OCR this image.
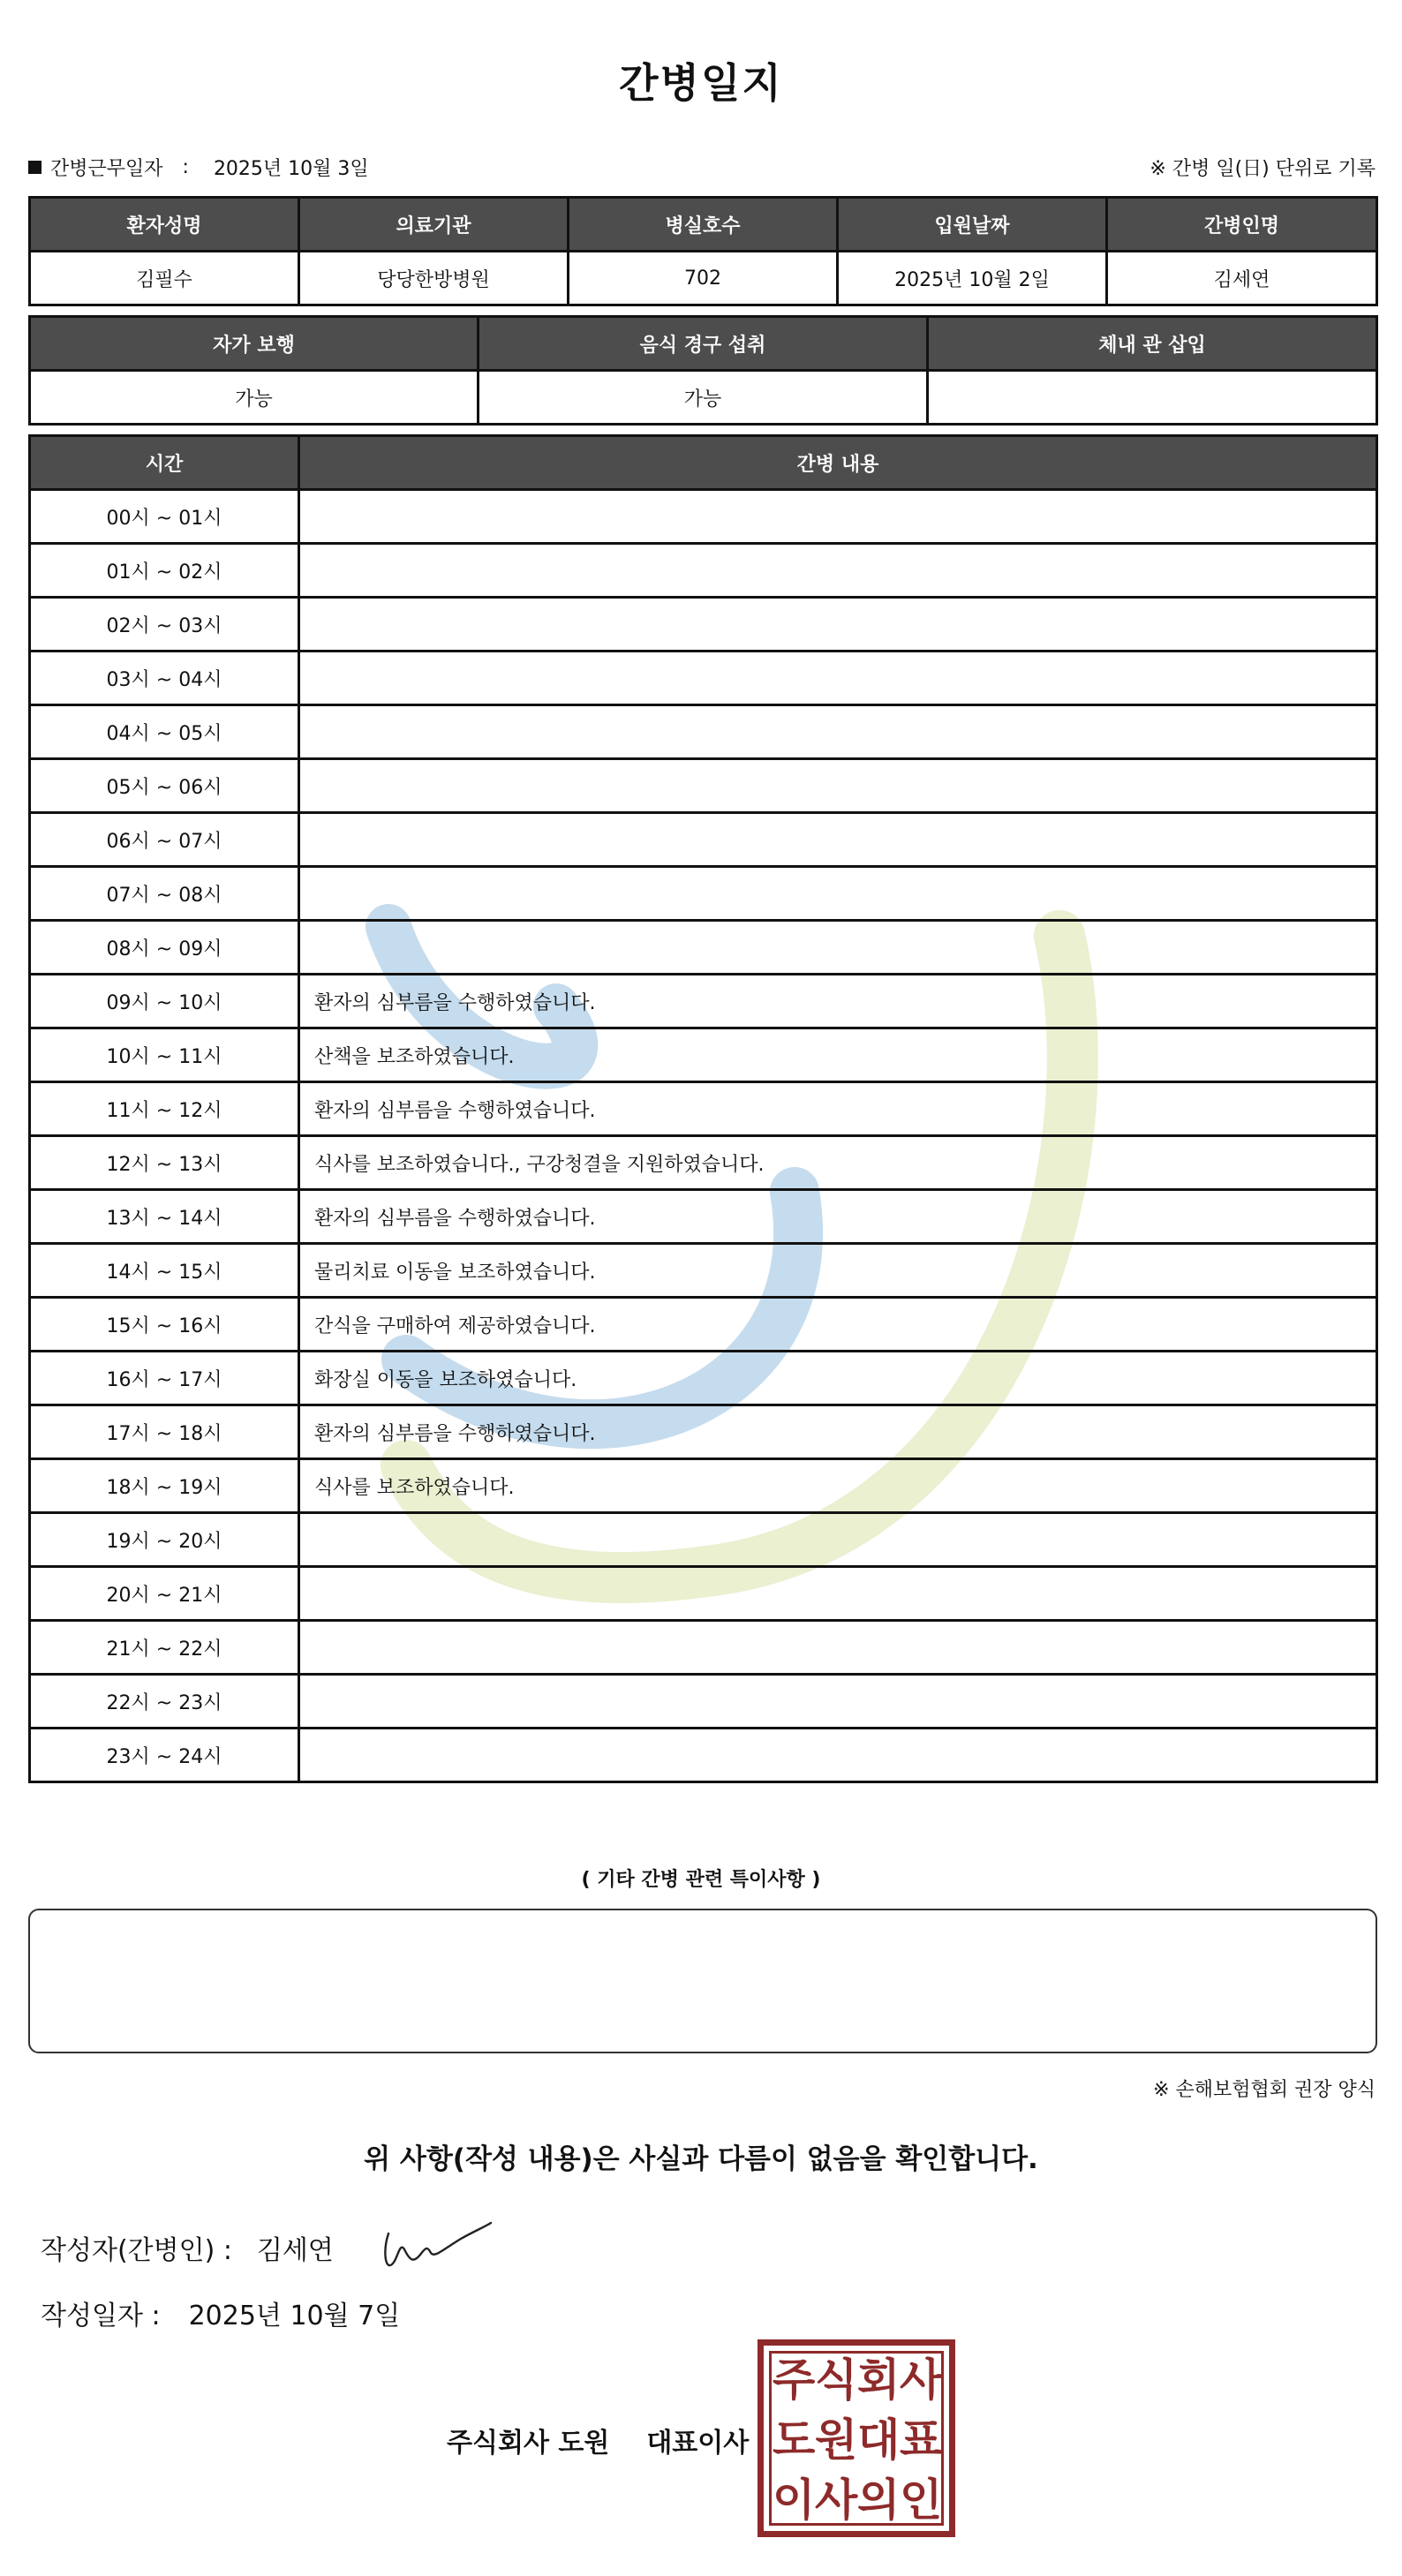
간병일지
간병근무일자 : 2025년 10월 3일	※ 간병 일(日) 단위로 기록
환자성명	의료기관	병실호수	입원날짜	간병인명
김필수	당당한방병원	702	2025년 10월 2일	김세연
자가 보행	음식 경구 섭취	체내 관 삽입
가능	가능	
시간	간병 내용
00시 ~ 01시	
01시 ~ 02시	
02시 ~ 03시	
03시 ~ 04시	
04시 ~ 05시	
05시 ~ 06시	
06시 ~ 07시	
07시 ~ 08시	
08시 ~ 09시	
09시 ~ 10시	환자의 심부름을 수행하였습니다.
10시 ~ 11시	산책을 보조하였습니다.
11시 ~ 12시	환자의 심부름을 수행하였습니다.
12시 ~ 13시	식사를 보조하였습니다., 구강청결을 지원하였습니다.
13시 ~ 14시	환자의 심부름을 수행하였습니다.
14시 ~ 15시	물리치료 이동을 보조하였습니다.
15시 ~ 16시	간식을 구매하여 제공하였습니다.
16시 ~ 17시	화장실 이동을 보조하였습니다.
17시 ~ 18시	환자의 심부름을 수행하였습니다.
18시 ~ 19시	식사를 보조하였습니다.
19시 ~ 20시	
20시 ~ 21시	
21시 ~ 22시	
22시 ~ 23시	
23시 ~ 24시	
( 기타 간병 관련 특이사항 )
※ 손해보험협회 권장 양식
위 사항(작성 내용)은 사실과 다름이 없음을 확인합니다.
작성자(간병인) : 김세연
작성일자 : 2025년 10월 7일
주식회사 도원 대표이사
주 식 회 사
도 원 대 표
이 사 의 인
